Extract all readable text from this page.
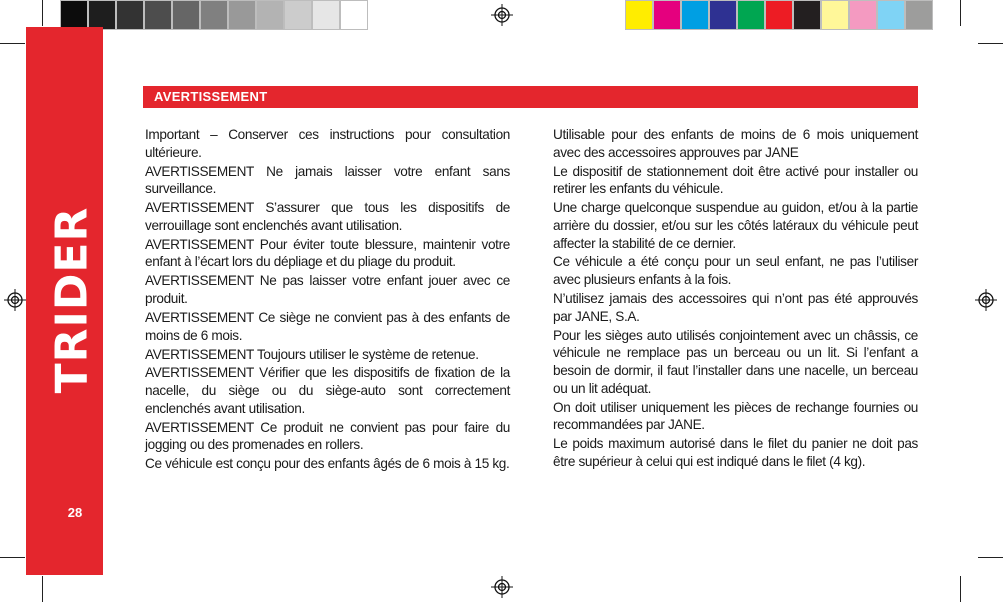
TRIDER
28
AVERTISSEMENT

Important – Conserver ces instructions pour consultation ultérieure.

AVERTISSEMENT Ne jamais laisser votre enfant sans surveillance.

AVERTISSEMENT S’assurer que tous les dispositifs de verrouillage sont enclenchés avant utilisation.

AVERTISSEMENT Pour éviter toute blessure, maintenir votre enfant à l’écart lors du dépliage et du pliage du produit.

AVERTISSEMENT Ne pas laisser votre enfant jouer avec ce produit.

AVERTISSEMENT Ce siège ne convient pas à des enfants de moins de 6 mois.

AVERTISSEMENT Toujours utiliser le système de retenue.

AVERTISSEMENT Vérifier que les dispositifs de fixation de la nacelle, du siège ou du siège-auto sont correctement enclenchés avant utilisation.

AVERTISSEMENT Ce produit ne convient pas pour faire du jogging ou des promenades en rollers.

Ce véhicule est conçu pour des enfants âgés de 6 mois à 15 kg.

Utilisable pour des enfants de moins de 6 mois uniquement avec des accessoires approuves par JANE

Le dispositif de stationnement doit être activé pour installer ou retirer les enfants du véhicule.

Une charge quelconque suspendue au guidon, et/ou à la partie arrière du dossier, et/ou sur les côtés latéraux du véhicule peut affecter la stabilité de ce dernier.

Ce véhicule a été conçu pour un seul enfant, ne pas l’utiliser avec plusieurs enfants à la fois.

N’utilisez jamais des accessoires qui n’ont pas été approuvés par JANE, S.A.

Pour les sièges auto utilisés conjointement avec un châssis, ce véhicule ne remplace pas un berceau ou un lit. Si l’enfant a besoin de dormir, il faut l’installer dans une nacelle, un berceau ou un lit adéquat.

On doit utiliser uniquement les pièces de rechange fournies ou recommandées par JANE.

Le poids maximum autorisé dans le filet du panier ne doit pas être supérieur à celui qui est indiqué dans le filet (4 kg).
